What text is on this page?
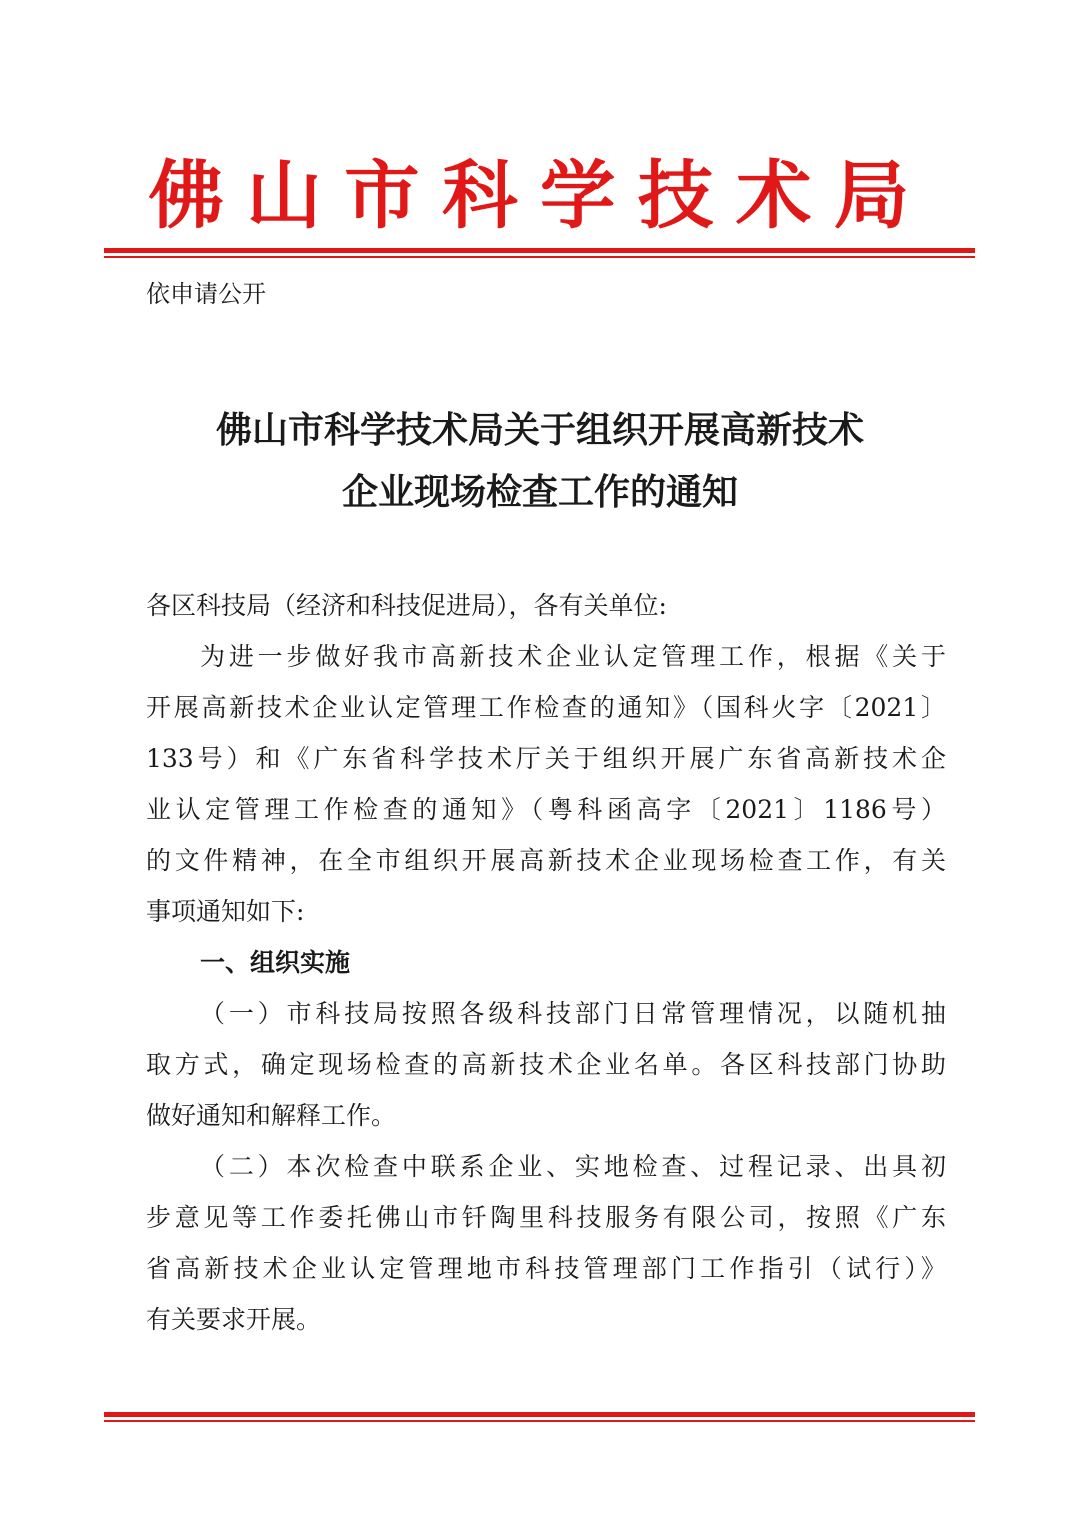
佛山市科学技术局
依申请公开
佛山市科学技术局关于组织开展高新技术
企业现场检查工作的通知
各区科技局（经济和科技促进局），各有关单位:
为进一步做好我市高新技术企业认定管理工作，根据《关于
开展高新技术企业认定管理工作检查的通知》（国科火字〔2021〕
133号）和《广东省科学技术厅关于组织开展广东省高新技术企
业认定管理工作检查的通知》（粤科函高字〔2021〕1186号）
的文件精神，在全市组织开展高新技术企业现场检查工作，有关
事项通知如下:
一、组织实施
（一）市科技局按照各级科技部门日常管理情况，以随机抽
取方式，确定现场检查的高新技术企业名单。各区科技部门协助
做好通知和解释工作。
（二）本次检查中联系企业、实地检查、过程记录、出具初
步意见等工作委托佛山市钎陶里科技服务有限公司，按照《广东
省高新技术企业认定管理地市科技管理部门工作指引（试行）》
有关要求开展。
